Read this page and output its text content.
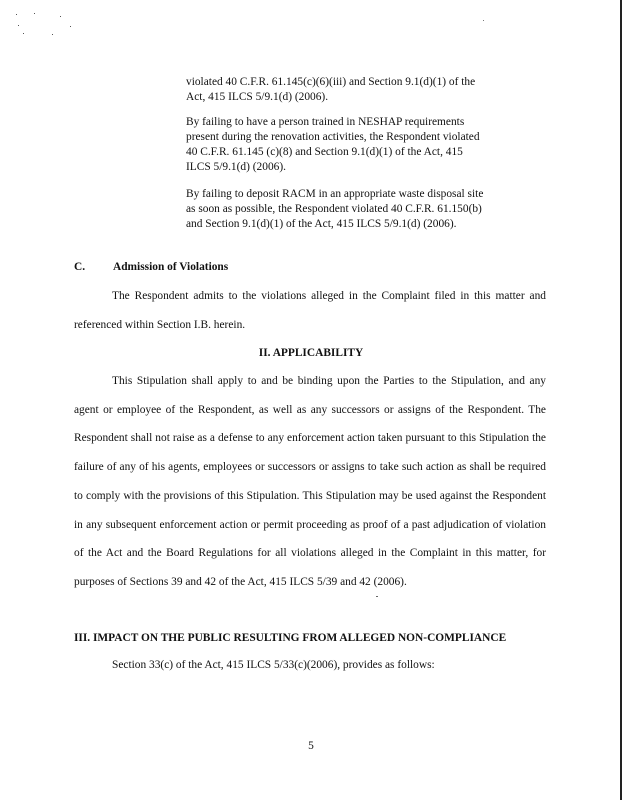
violated 40 C.F.R. 61.145(c)(6)(iii) and Section 9.1(d)(1) of the Act, 415 ILCS 5/9.1(d) (2006).

By failing to have a person trained in NESHAP requirements present during the renovation activities, the Respondent violated 40 C.F.R. 61.145 (c)(8) and Section 9.1(d)(1) of the Act, 415 ILCS 5/9.1(d) (2006).

By failing to deposit RACM in an appropriate waste disposal site as soon as possible, the Respondent violated 40 C.F.R. 61.150(b) and Section 9.1(d)(1) of the Act, 415 ILCS 5/9.1(d) (2006).

C. Admission of Violations

The Respondent admits to the violations alleged in the Complaint filed in this matter and referenced within Section I.B. herein.

II. APPLICABILITY

This Stipulation shall apply to and be binding upon the Parties to the Stipulation, and any agent or employee of the Respondent, as well as any successors or assigns of the Respondent. The Respondent shall not raise as a defense to any enforcement action taken pursuant to this Stipulation the failure of any of his agents, employees or successors or assigns to take such action as shall be required to comply with the provisions of this Stipulation. This Stipulation may be used against the Respondent in any subsequent enforcement action or permit proceeding as proof of a past adjudication of violation of the Act and the Board Regulations for all violations alleged in the Complaint in this matter, for purposes of Sections 39 and 42 of the Act, 415 ILCS 5/39 and 42 (2006).

III. IMPACT ON THE PUBLIC RESULTING FROM ALLEGED NON-COMPLIANCE
Section 33(c) of the Act, 415 ILCS 5/33(c)(2006), provides as follows:
5
